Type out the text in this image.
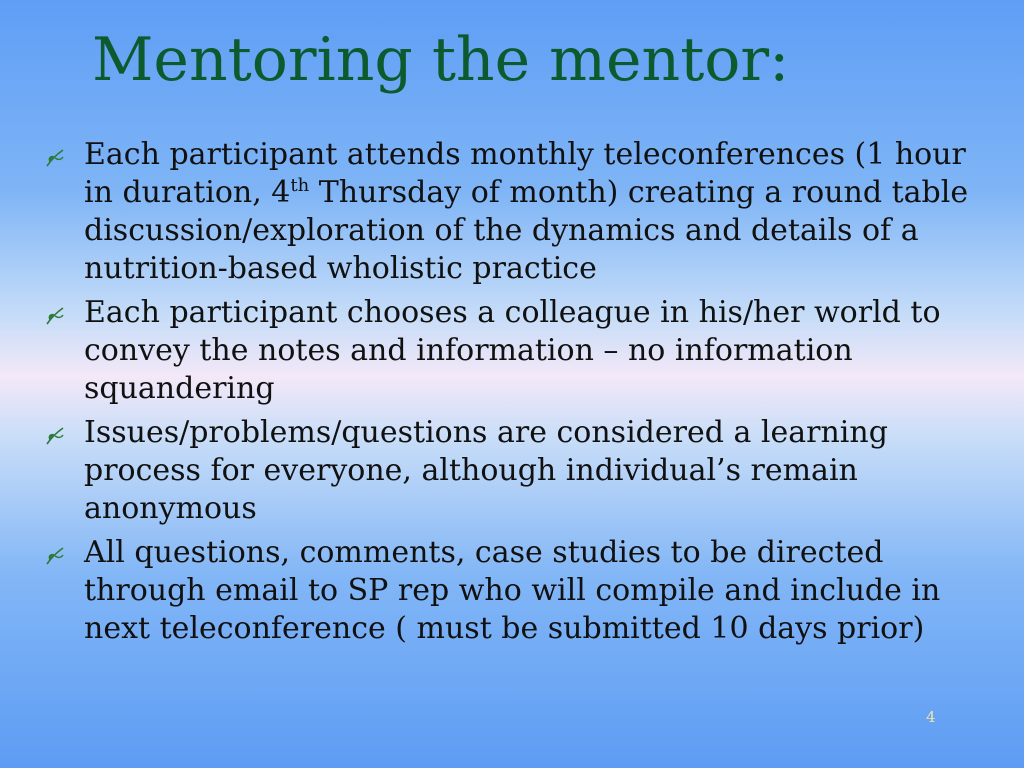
Mentoring the mentor:
Each participant attends monthly teleconferences (1 hour in duration, 4th Thursday of month) creating a round table discussion/exploration of the dynamics and details of a nutrition-based wholistic practice
Each participant chooses a colleague in his/her world to convey the notes and information – no information squandering
Issues/problems/questions are considered a learning process for everyone, although individual’s remain anonymous
All questions, comments, case studies to be directed through email to SP rep who will compile and include in next teleconference ( must be submitted 10 days prior)
4
